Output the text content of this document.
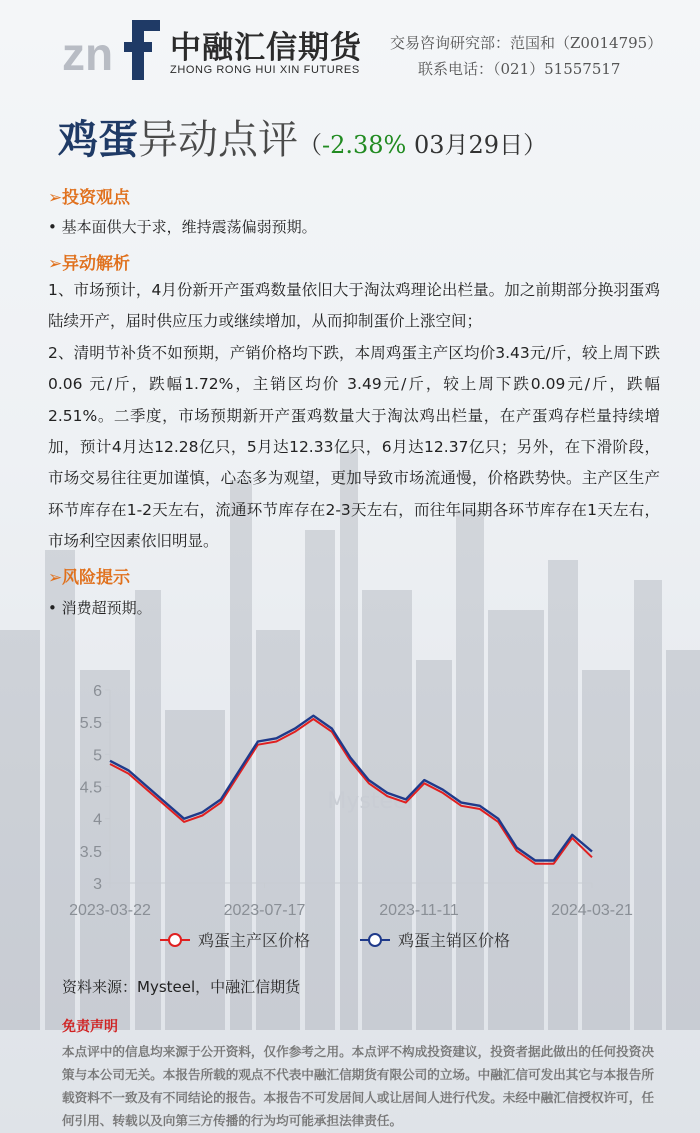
zn 中融汇信期货
ZHONG RONG HUI XIN FUTURES
交易咨询研究部：范国和（Z0014795）
联系电话：（021）51557517
鸡蛋异动点评（-2.38% 03月29日）
➢投资观点
• 基本面供大于求，维持震荡偏弱预期。
➢异动解析

1、市场预计，4月份新开产蛋鸡数量依旧大于淘汰鸡理论出栏量。加之前期部分换羽蛋鸡陆续开产，届时供应压力或继续增加，从而抑制蛋价上涨空间；

2、清明节补货不如预期，产销价格均下跌，本周鸡蛋主产区均价3.43元/斤，较上周下跌0.06 元/斤，跌幅1.72%，主销区均价 3.49元/斤，较上周下跌0.09元/斤，跌幅2.51%。二季度，市场预期新开产蛋鸡数量大于淘汰鸡出栏量，在产蛋鸡存栏量持续增加，预计4月达12.28亿只，5月达12.33亿只，6月达12.37亿只；另外，在下滑阶段，市场交易往往更加谨慎，心态多为观望，更加导致市场流通慢，价格跌势快。主产区生产环节库存在1-2天左右，流通环节库存在2-3天左右，而往年同期各环节库存在1天左右，市场利空因素依旧明显。

➢风险提示
• 消费超预期。
Mysteel
6
5.5
5
4.5
4
3.5
3
2023-03-22	2023-07-17	2023-11-11	2024-03-21
鸡蛋主产区价格	鸡蛋主销区价格
资料来源：Mysteel，中融汇信期货
免责声明
本点评中的信息均来源于公开资料，仅作参考之用。本点评不构成投资建议，投资者据此做出的任何投资决策与本公司无关。本报告所载的观点不代表中融汇信期货有限公司的立场。中融汇信可发出其它与本报告所载资料不一致及有不同结论的报告。本报告不可发居间人或让居间人进行代发。未经中融汇信授权许可，任何引用、转载以及向第三方传播的行为均可能承担法律责任。
